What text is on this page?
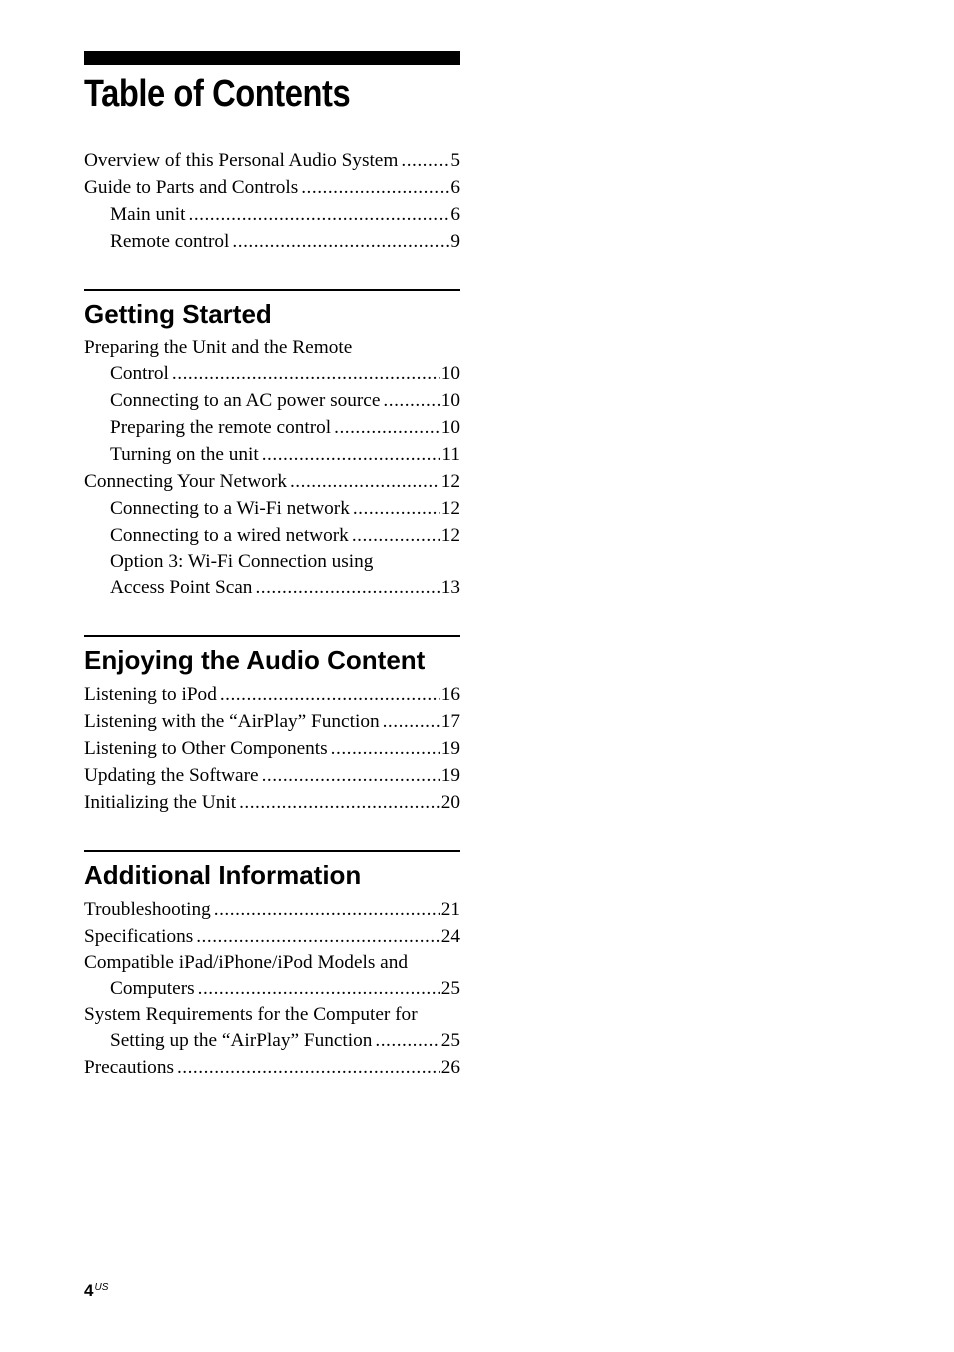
Table of Contents
Overview of this Personal Audio System .....	5
Guide to Parts and Controls .....	6
Main unit .....	6
Remote control .....	9
Getting Started
Preparing the Unit and the Remote
Control .....	10
Connecting to an AC power source .....	10
Preparing the remote control .....	10
Turning on the unit .....	11
Connecting Your Network .....	12
Connecting to a Wi-Fi network .....	12
Connecting to a wired network .....	12
Option 3: Wi-Fi Connection using
Access Point Scan .....	13
Enjoying the Audio Content
Listening to iPod .....	16
Listening with the “AirPlay” Function .....	17
Listening to Other Components .....	19
Updating the Software .....	19
Initializing the Unit .....	20
Additional Information
Troubleshooting .....	21
Specifications .....	24
Compatible iPad/iPhone/iPod Models and
Computers .....	25
System Requirements for the Computer for
Setting up the “AirPlay” Function .....	25
Precautions .....	26
$4^{US}$
